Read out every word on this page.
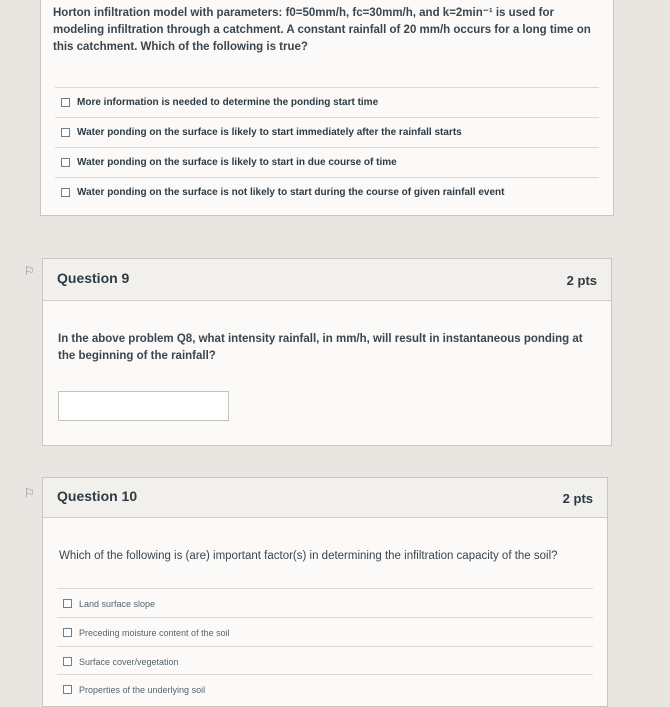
Horton infiltration model with parameters: f0=50mm/h, fc=30mm/h, and k=2min⁻¹ is used for modeling infiltration through a catchment. A constant rainfall of 20 mm/h occurs for a long time on this catchment. Which of the following is true?
More information is needed to determine the ponding start time
Water ponding on the surface is likely to start immediately after the rainfall starts
Water ponding on the surface is likely to start in due course of time
Water ponding on the surface is not likely to start during the course of given rainfall event
⚐
⚐
Question 9	2 pts
In the above problem Q8, what intensity rainfall, in mm/h, will result in instantaneous ponding at the beginning of the rainfall?
Question 10	2 pts
Which of the following is (are) important factor(s) in determining the infiltration capacity of the soil?
Land surface slope
Preceding moisture content of the soil
Surface cover/vegetation
Properties of the underlying soil
